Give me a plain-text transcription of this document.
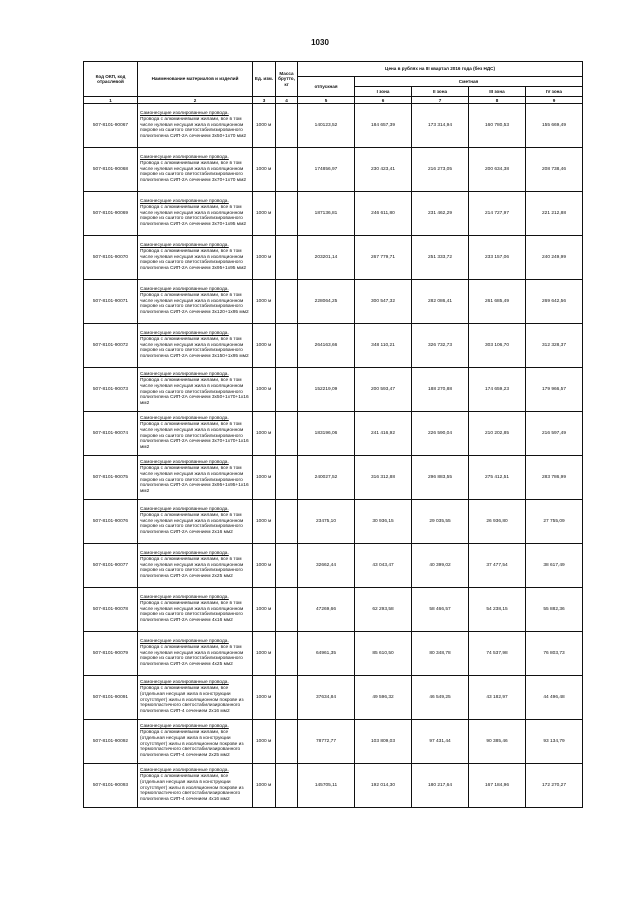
1030
Код ОКП, код отраслевой	Наименование материалов и изделий	Ед. изм.	Масса брутто, кг	Цена в рублях на III квартал 2016 года (без НДС)				
				отпускная	Сметная			
					I зона	II зона	III зона	IV зона
1	2	3	4	5	6	7	8	9
507-8101-90067	Самонесущие изолированные провода.
Провода с алюминиевыми жилами, все в том числе нулевая несущая жила в изоляционном покрове из сшитого светостабилизированного полиэтилена СИП-2А сечением 3х50+1х70 мм2	1000 м		140123,52	184 657,39	173 314,94	160 780,53	155 669,49
507-8101-90068	Самонесущие изолированные провода.
Провода с алюминиевыми жилами, все в том числе нулевая несущая жила в изоляционном покрове из сшитого светостабилизированного полиэтилена СИП-2А сечением 3х70+1х70 мм2	1000 м		174856,97	230 423,41	216 273,05	200 634,38	208 738,46
507-8101-90069	Самонесущие изолированные провода.
Провода с алюминиевыми жилами, все в том числе нулевая несущая жила в изоляционном покрове из сшитого светостабилизированного полиэтилена СИП-2А сечением 3х70+1х95 мм2	1000 м		187136,81	246 611,80	231 462,29	214 727,97	221 212,88
507-8101-90070	Самонесущие изолированные провода.
Провода с алюминиевыми жилами, все в том числе нулевая несущая жила в изоляционном покрове из сшитого светостабилизированного полиэтилена СИП-2А сечением 3х95+1х95 мм2	1000 м		203201,14	267 779,71	251 333,72	233 157,06	240 249,99
507-8101-90071	Самонесущие изолированные провода.
Провода с алюминиевыми жилами, все в том числе нулевая несущая жила в изоляционном покрове из сшитого светостабилизированного полиэтилена СИП-2А сечением 3х120+1х95 мм2	1000 м		228064,25	300 547,32	282 086,41	261 685,49	269 642,56
507-8101-90072	Самонесущие изолированные провода.
Провода с алюминиевыми жилами, все в том числе нулевая несущая жила в изоляционном покрове из сшитого светостабилизированного полиэтилена СИП-2А сечением 3х150+1х95 мм2	1000 м		264163,66	348 110,21	326 732,73	303 106,70	312 328,37
507-8101-90073	Самонесущие изолированные провода.
Провода с алюминиевыми жилами, все в том числе нулевая несущая жила в изоляционном покрове из сшитого светостабилизированного полиэтилена СИП-2А сечением 3х50+1х70+1х16 мм2	1000 м		152219,09	200 593,47	188 270,88	174 659,23	179 966,57
507-8101-90074	Самонесущие изолированные провода.
Провода с алюминиевыми жилами, все в том числе нулевая несущая жила в изоляционном покрове из сшитого светостабилизированного полиэтилена СИП-2А сечением 3х70+1х70+1х16 мм2	1000 м		183196,06	241 416,92	226 590,04	210 202,85	216 597,49
507-8101-90075	Самонесущие изолированные провода.
Провода с алюминиевыми жилами, все в том числе нулевая несущая жила в изоляционном покрове из сшитого светостабилизированного полиэтилена СИП-2А сечением 3х95+1х95+1х16 мм2	1000 м		240027,52	316 312,88	296 883,55	275 412,51	283 786,99
507-8101-90076	Самонесущие изолированные провода.
Провода с алюминиевыми жилами, все в том числе нулевая несущая жила в изоляционном покрове из сшитого светостабилизированного полиэтилена СИП-2А сечением 2х16 мм2	1000 м		23475,10	30 936,15	29 035,55	26 936,80	27 755,09
507-8101-90077	Самонесущие изолированные провода.
Провода с алюминиевыми жилами, все в том числе нулевая несущая жила в изоляционном покрове из сшитого светостабилизированного полиэтилена СИП-2А сечением 2х25 мм2	1000 м		32662,44	43 043,47	40 399,02	37 477,54	38 617,49
507-8101-90078	Самонесущие изолированные провода.
Провода с алюминиевыми жилами, все в том числе нулевая несущая жила в изоляционном покрове из сшитого светостабилизированного полиэтилена СИП-2А сечением 4х16 мм2	1000 м		47269,66	62 293,58	58 466,57	54 238,15	55 882,36
507-8101-90079	Самонесущие изолированные провода.
Провода с алюминиевыми жилами, все в том числе нулевая несущая жила в изоляционном покрове из сшитого светостабилизированного полиэтилена СИП-2А сечением 4х25 мм2	1000 м		64961,35	85 610,50	80 348,78	74 537,98	76 803,73
507-8101-90091	Самонесущие изолированные провода.
Провода с алюминиевыми жилами, все (отдельная несущая жила в конструкции отсутствует) жилы в изоляционном покрове из термопластичного светостабилизированного полиэтилена СИП-4 сечением 2х16 мм2	1000 м		37634,84	49 596,32	46 549,25	43 182,97	44 496,48
507-8101-90092	Самонесущие изолированные провода.
Провода с алюминиевыми жилами, все (отдельная несущая жила в конструкции отсутствует) жилы в изоляционном покрове из термопластичного светостабилизированного полиэтилена СИП-4 сечением 2х25 мм2	1000 м		78772,77	103 809,03	97 431,44	90 385,46	93 134,79
507-8101-90093	Самонесущие изолированные провода.
Провода с алюминиевыми жилами, все (отдельная несущая жила в конструкции отсутствует) жилы в изоляционном покрове из термопластичного светостабилизированного полиэтилена СИП-4 сечением 4х16 мм2	1000 м		145705,11	192 014,30	180 217,64	167 184,96	172 270,27
